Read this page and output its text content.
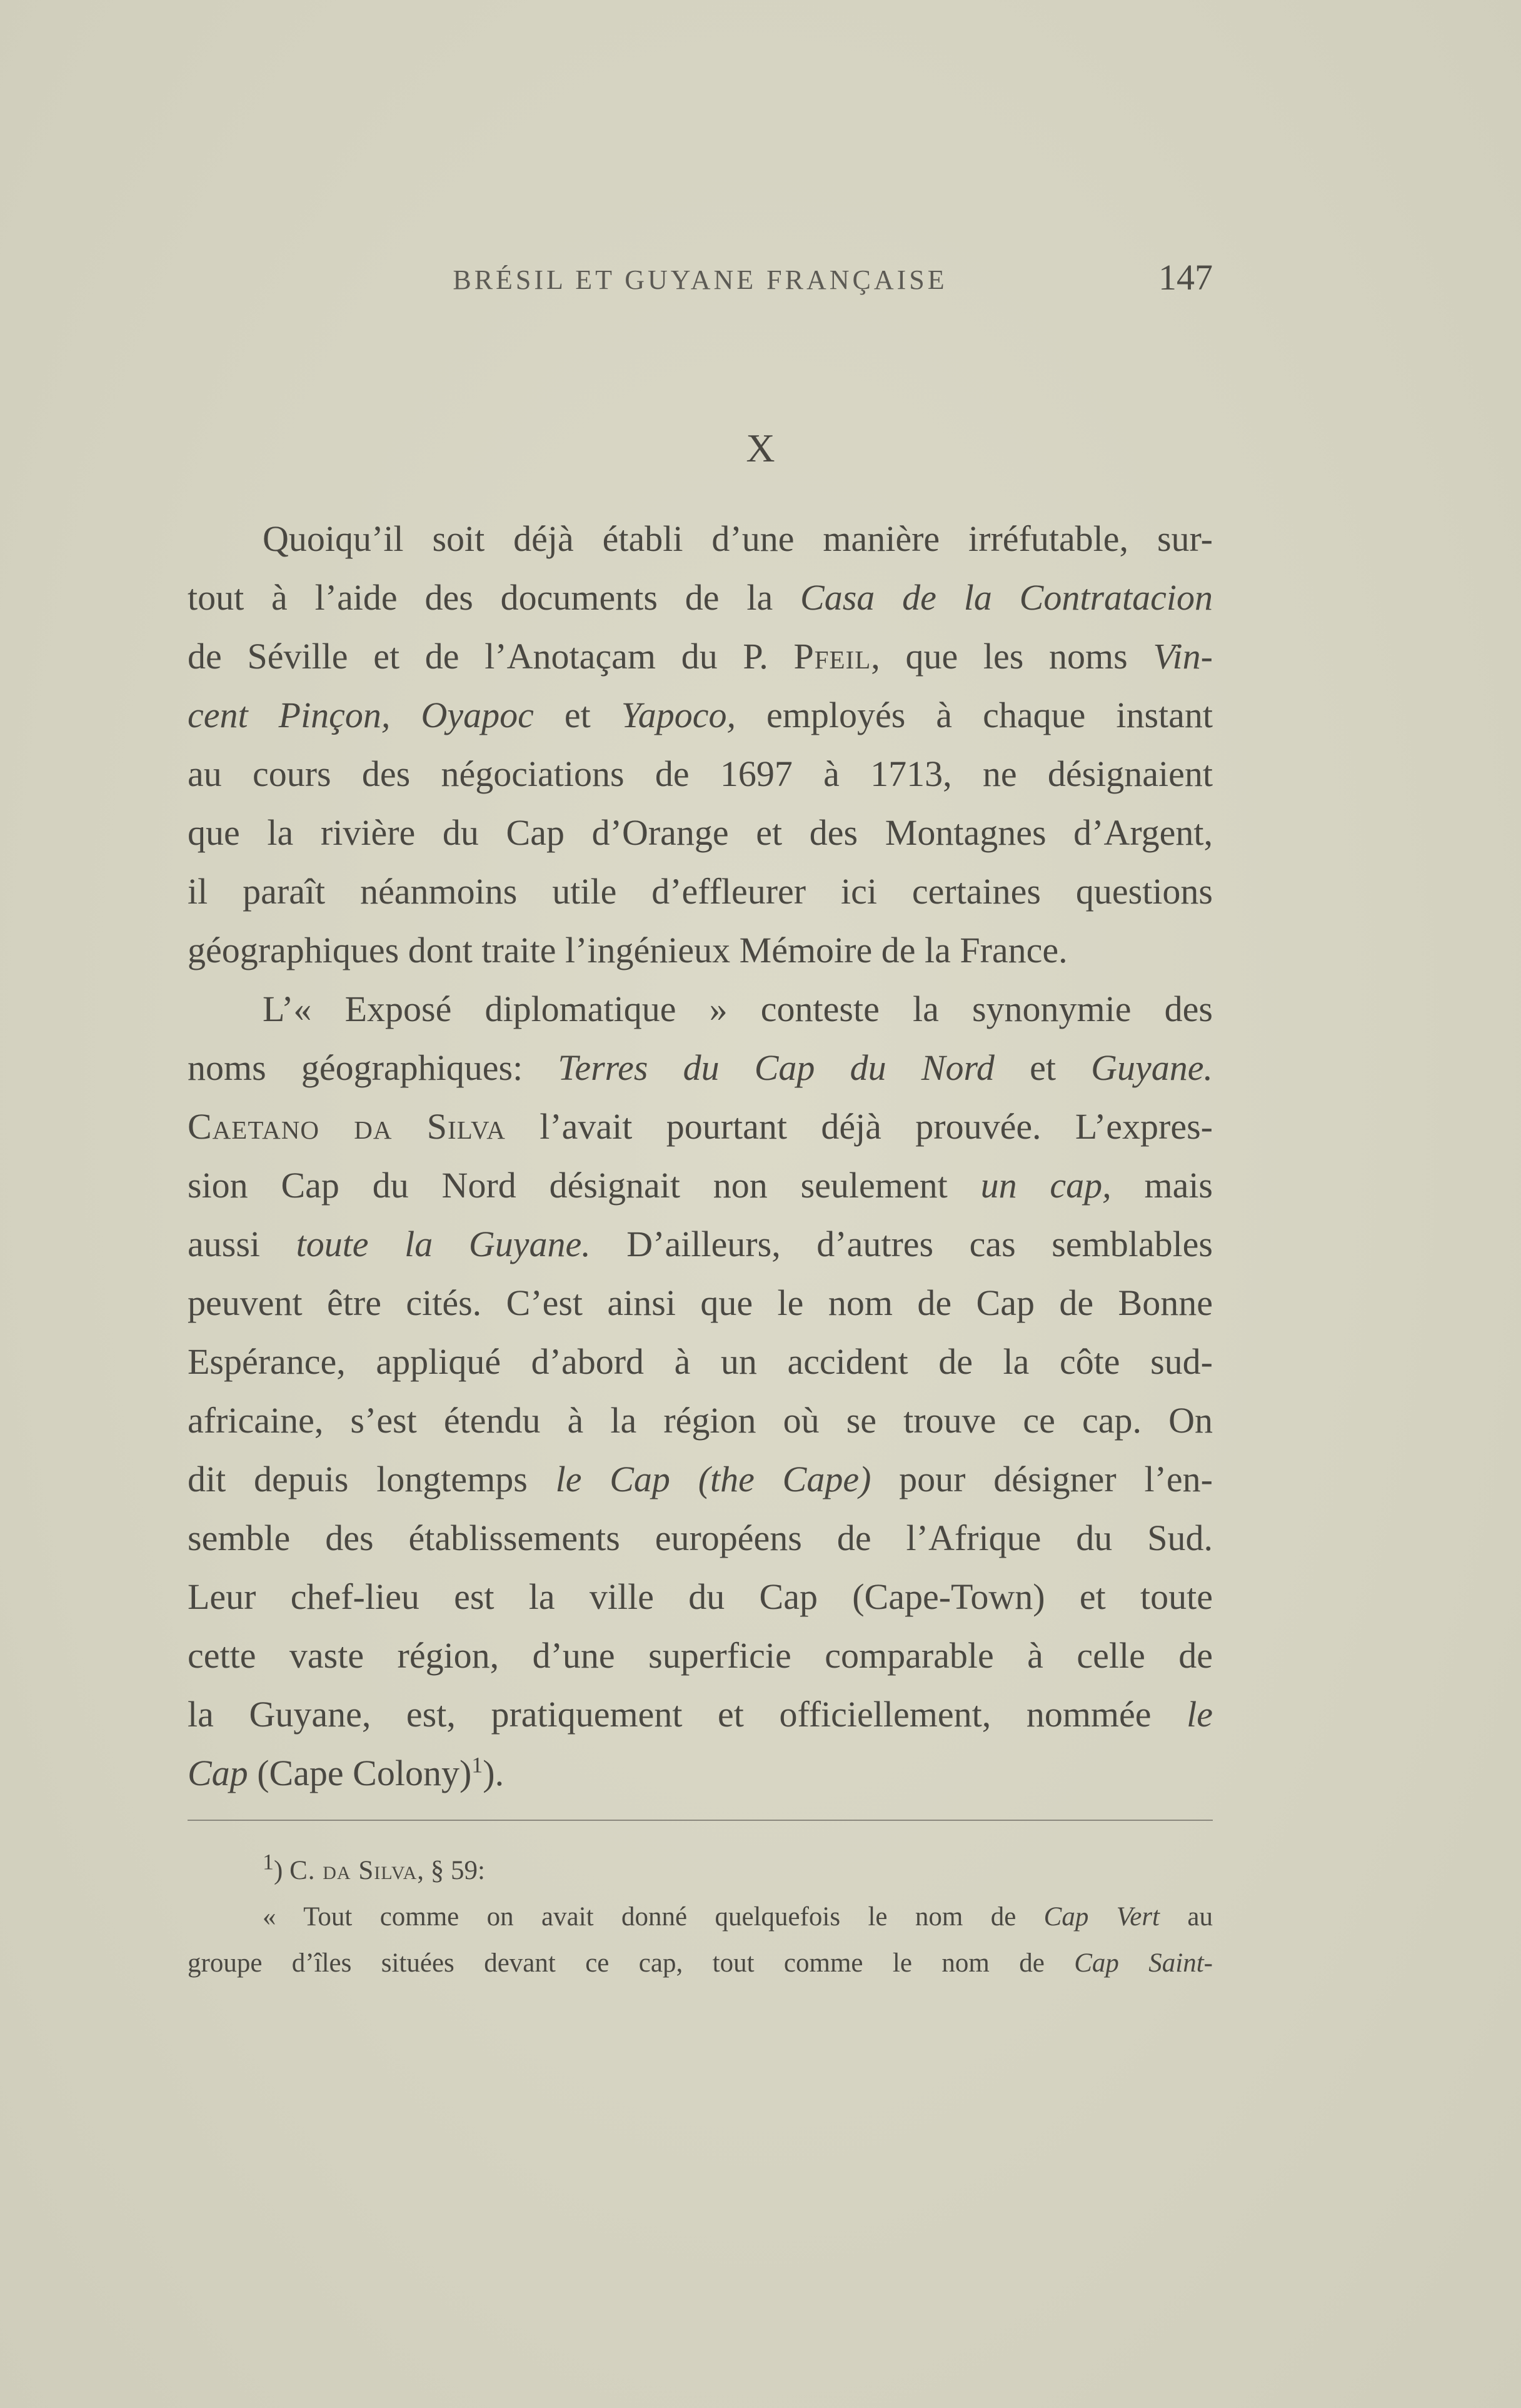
BRÉSIL ET GUYANE FRANÇAISE	147
X
Quoiqu’il soit déjà établi d’une manière irréfutable, sur-
tout à l’aide des documents de la Casa de la Contratacion
de Séville et de l’Anotaçam du P. Pfeil, que les noms Vin-
cent Pinçon, Oyapoc et Yapoco, employés à chaque instant
au cours des négociations de 1697 à 1713, ne désignaient
que la rivière du Cap d’Orange et des Montagnes d’Argent,
il paraît néanmoins utile d’effleurer ici certaines questions
géographiques dont traite l’ingénieux Mémoire de la France.
L’« Exposé diplomatique » conteste la synonymie des
noms géographiques: Terres du Cap du Nord et Guyane.
Caetano da Silva l’avait pourtant déjà prouvée. L’expres-
sion Cap du Nord désignait non seulement un cap, mais
aussi toute la Guyane. D’ailleurs, d’autres cas semblables
peuvent être cités. C’est ainsi que le nom de Cap de Bonne
Espérance, appliqué d’abord à un accident de la côte sud-
africaine, s’est étendu à la région où se trouve ce cap. On
dit depuis longtemps le Cap (the Cape) pour désigner l’en-
semble des établissements européens de l’Afrique du Sud.
Leur chef-lieu est la ville du Cap (Cape-Town) et toute
cette vaste région, d’une superficie comparable à celle de
la Guyane, est, pratiquement et officiellement, nommée le
Cap (Cape Colony)$^1$).
$^1$) C. da Silva, § 59:
« Tout comme on avait donné quelquefois le nom de Cap Vert au
groupe d’îles situées devant ce cap, tout comme le nom de Cap Saint-
